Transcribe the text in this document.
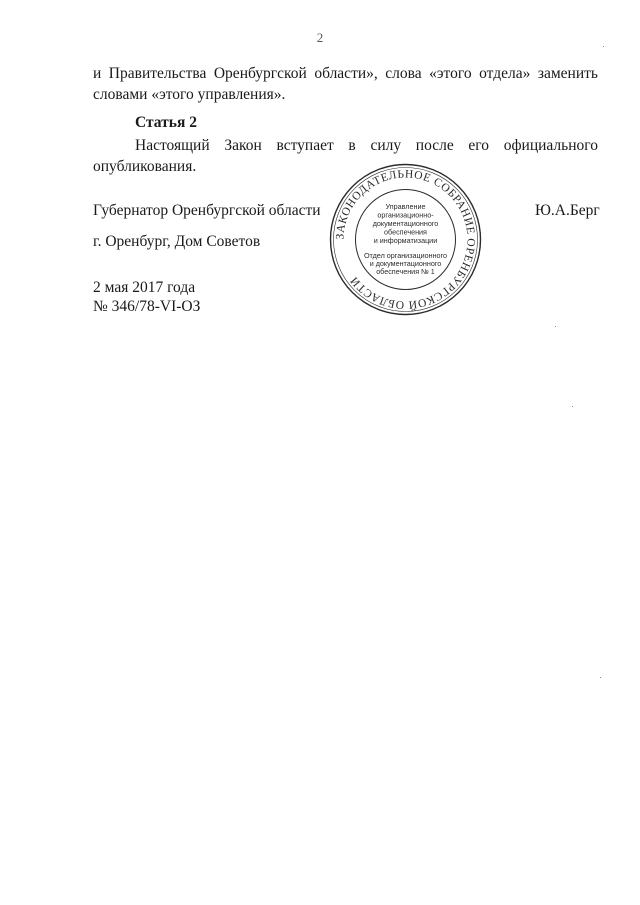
2
и Правительства Оренбургской области», слова «этого отдела» заменить словами «этого управления».
Статья 2
Настоящий Закон вступает в силу после его официального опубликования.
Губернатор Оренбургской области
г. Оренбург, Дом Советов
Ю.А.Берг
2 мая 2017 года
№ 346/78-VI-ОЗ
ЗАКОНОДАТЕЛЬНОЕ СОБРАНИЕ ОРЕНБУРГСКОЙ ОБЛАСТИ
Управление
организационно-
документационного
обеспечения
и информатизации
Отдел организационного
и документационного
обеспечения № 1
